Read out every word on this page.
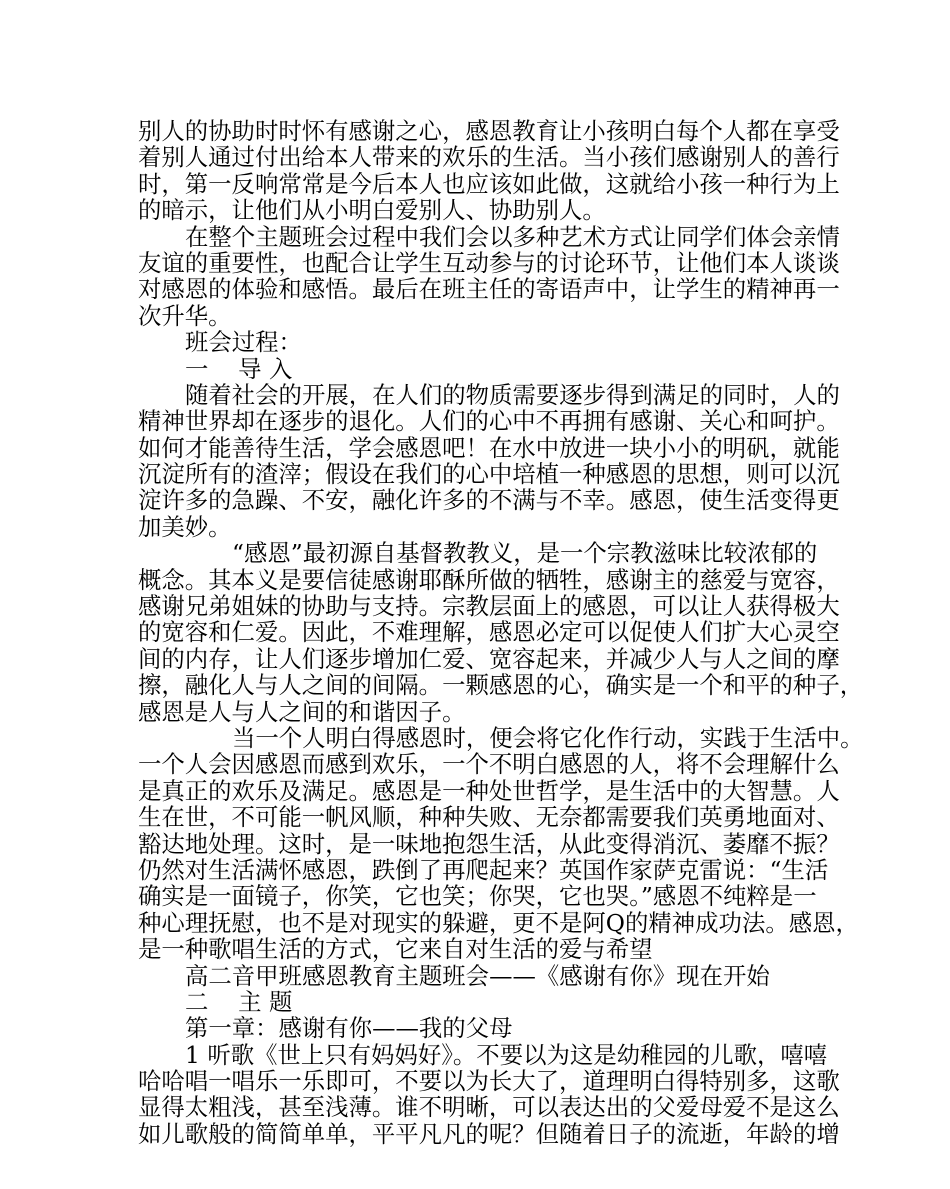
别人的协助时时怀有感谢之心，感恩教育让小孩明白每个人都在享受
着别人通过付出给本人带来的欢乐的生活。当小孩们感谢别人的善行
时，第一反响常常是今后本人也应该如此做，这就给小孩一种行为上
的暗示，让他们从小明白爱别人、协助别人。
在整个主题班会过程中我们会以多种艺术方式让同学们体会亲情
友谊的重要性，也配合让学生互动参与的讨论环节，让他们本人谈谈
对感恩的体验和感悟。最后在班主任的寄语声中，让学生的精神再一
次升华。
班会过程：
一    导 入
随着社会的开展，在人们的物质需要逐步得到满足的同时，人的
精神世界却在逐步的退化。人们的心中不再拥有感谢、关心和呵护。
如何才能善待生活，学会感恩吧！在水中放进一块小小的明矾，就能
沉淀所有的渣滓；假设在我们的心中培植一种感恩的思想，则可以沉
淀许多的急躁、不安，融化许多的不满与不幸。感恩，使生活变得更
加美妙。
“感恩”最初源自基督教教义，是一个宗教滋味比较浓郁的
概念。其本义是要信徒感谢耶酥所做的牺牲，感谢主的慈爱与宽容，
感谢兄弟姐妹的协助与支持。宗教层面上的感恩，可以让人获得极大
的宽容和仁爱。因此，不难理解，感恩必定可以促使人们扩大心灵空
间的内存，让人们逐步增加仁爱、宽容起来，并减少人与人之间的摩
擦，融化人与人之间的间隔。一颗感恩的心，确实是一个和平的种子，
感恩是人与人之间的和谐因子。
当一个人明白得感恩时，便会将它化作行动，实践于生活中。
一个人会因感恩而感到欢乐，一个不明白感恩的人，将不会理解什么
是真正的欢乐及满足。感恩是一种处世哲学，是生活中的大智慧。人
生在世，不可能一帆风顺，种种失败、无奈都需要我们英勇地面对、
豁达地处理。这时，是一味地抱怨生活，从此变得消沉、萎靡不振？
仍然对生活满怀感恩，跌倒了再爬起来？英国作家萨克雷说：“生活
确实是一面镜子，你笑，它也笑；你哭，它也哭。”感恩不纯粹是一
种心理抚慰，也不是对现实的躲避，更不是阿Q的精神成功法。感恩，
是一种歌唱生活的方式，它来自对生活的爱与希望
高二音甲班感恩教育主题班会——《感谢有你》现在开始
二    主 题
第一章：感谢有你——我的父母
1 听歌《世上只有妈妈好》。不要以为这是幼稚园的儿歌，嘻嘻
哈哈唱一唱乐一乐即可，不要以为长大了，道理明白得特别多，这歌
显得太粗浅，甚至浅薄。谁不明晰，可以表达出的父爱母爱不是这么
如儿歌般的简简单单，平平凡凡的呢？但随着日子的流逝，年龄的增
